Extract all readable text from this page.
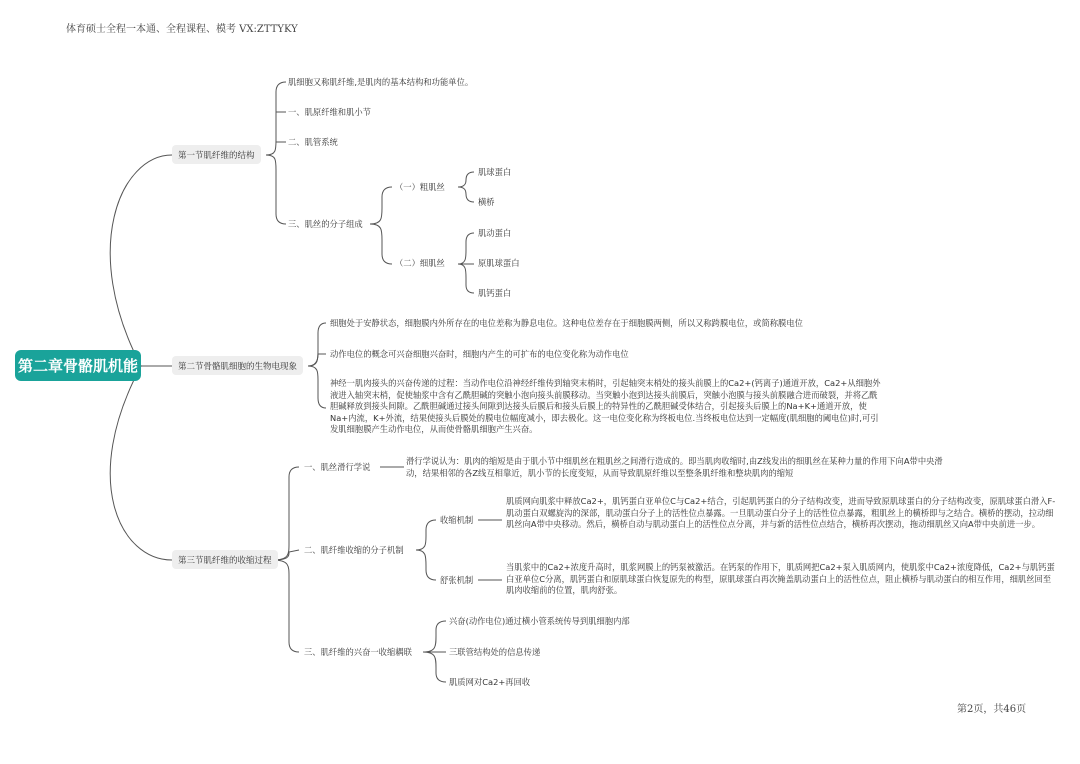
体育硕士全程一本通、全程课程、模考 VX:ZTTYKY
第二章骨骼肌机能
第一节肌纤维的结构
肌细胞又称肌纤维,是肌肉的基本结构和功能单位。
一、肌原纤维和肌小节
二、肌管系统
三、肌丝的分子组成
（一）粗肌丝
肌球蛋白
横桥
（二）细肌丝
肌动蛋白
原肌球蛋白
肌钙蛋白
第二节骨骼肌细胞的生物电现象
细胞处于安静状态，细胞膜内外所存在的电位差称为静息电位。这种电位差存在于细胞膜两侧，所以又称跨膜电位，或简称膜电位
动作电位的概念可兴奋细胞兴奋时，细胞内产生的可扩布的电位变化称为动作电位
神经一肌肉接头的兴奋传递的过程：当动作电位沿神经纤维传到轴突末梢时，引起轴突末梢处的接头前膜上的Ca2+(钙离子)通道开放，Ca2+从细胞外液进入轴突末梢，促使轴浆中含有乙酰胆碱的突触小泡向接头前膜移动。当突触小泡到达接头前膜后，突触小泡膜与接头前膜融合进而破裂，并将乙酰胆碱释放到接头间隙。乙酰胆碱通过接头间隙到达接头后膜后和接头后膜上的特异性的乙酰胆碱受体结合，引起接头后膜上的Na+K+通道开放，使Na+内流，K+外流，结果使接头后膜处的膜电位幅度减小，即去极化。这一电位变化称为终板电位.当终板电位达到一定幅度(肌细胞的阈电位)时,可引发肌细胞膜产生动作电位，从而使骨骼肌细胞产生兴奋。
第三节肌纤维的收缩过程
一、肌丝滑行学说
滑行学说认为：肌肉的缩短是由于肌小节中细肌丝在粗肌丝之间滑行造成的。即当肌肉收缩时,由Z线发出的细肌丝在某种力量的作用下向A带中央滑动，结果相邻的各Z线互相靠近，肌小节的长度变短，从而导致肌原纤维以至整条肌纤维和整块肌肉的缩短
二、肌纤维收缩的分子机制
收缩机制
肌质网向肌浆中释放Ca2+，肌钙蛋白亚单位C与Ca2+结合，引起肌钙蛋白的分子结构改变，进而导致原肌球蛋白的分子结构改变，原肌球蛋白滑入F-肌动蛋白双螺旋沟的深部，肌动蛋白分子上的活性位点暴露。一旦肌动蛋白分子上的活性位点暴露，粗肌丝上的横桥即与之结合。横桥的摆动，拉动细肌丝向A带中央移动。然后，横桥自动与肌动蛋白上的活性位点分离，并与新的活性位点结合，横桥再次摆动，拖动细肌丝又向A带中央前进一步。
舒张机制
当肌浆中的Ca2+浓度升高时，肌浆网膜上的钙泵被激活。在钙泵的作用下，肌质网把Ca2+泵入肌质网内，使肌浆中Ca2+浓度降低，Ca2+与肌钙蛋白亚单位C分离，肌钙蛋白和原肌球蛋白恢复原先的构型，原肌球蛋白再次掩盖肌动蛋白上的活性位点，阻止横桥与肌动蛋白的相互作用，细肌丝回至肌肉收缩前的位置，肌肉舒张。
三、肌纤维的兴奋一收缩耦联
兴奋(动作电位)通过横小管系统传导到肌细胞内部
三联管结构处的信息传递
肌质网对Ca2+再回收
第2页，共46页
